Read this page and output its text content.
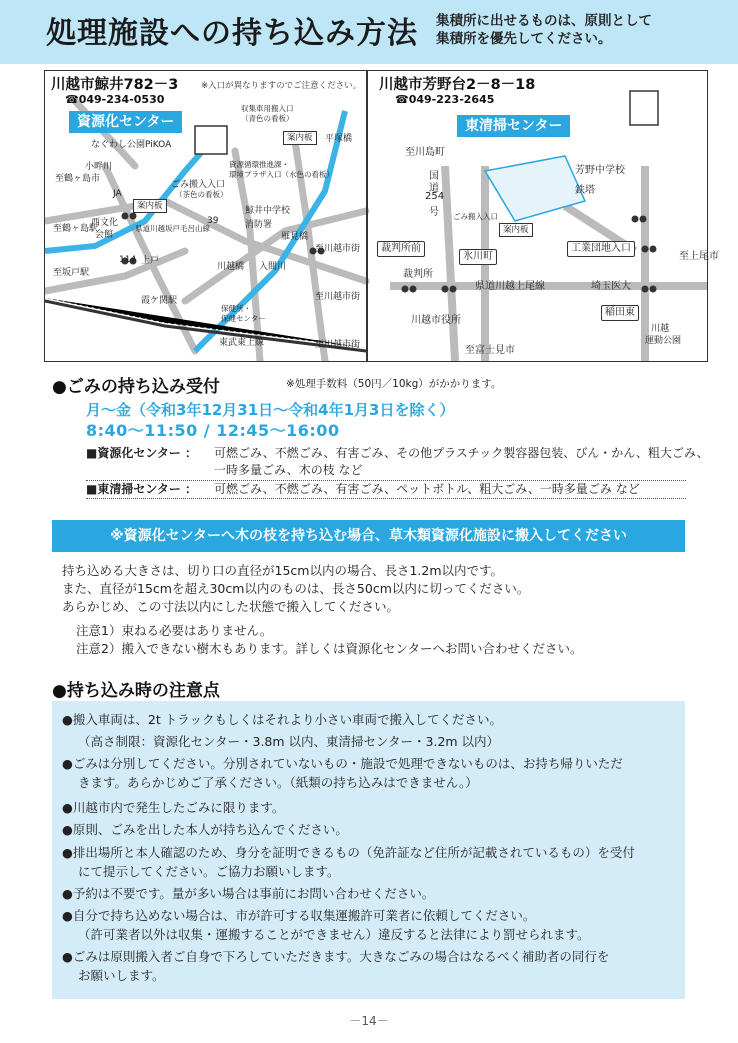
処理施設への持ち込み方法 集積所に出せるものは、原則として
集積所を優先してください。
川越市鯨井782－3
☎049-234-0530
※入口が異なりますのでご注意ください。
資源化センター
収集車用搬入口
（青色の看板）
案内板	平塚橋
なぐわし公園PiKOA
小畔川	資源循環推進課・
環境プラザ入口（水色の看板）
ごみ搬入入口
（茶色の看板）
案内板
JA
至鶴ヶ島市
西文化
会館
県道川越坂戸毛呂山線
39
鯨井中学校
消防署
上戸
114
至鶴ヶ島駅
至坂戸駅
霞ケ関駅
川越橋 入間川
雁見橋
保健所・
保健センター
至川越市街
至川越市街
至川越市街
東武東上線
川越市芳野台2－8－18
☎049-223-2645
東清掃センター
至川島町
国
道
254
号
芳野中学校
鉄塔
ごみ搬入入口
案内板
裁判所前
氷川町
裁判所
工業団地入口
県道川越上尾線	埼玉医大
至上尾市
川越市役所
稲田東
至富士見市
川越
運動公園
●ごみの持ち込み受付	※処理手数料（50円／10kg）がかかります。
月～金（令和3年12月31日～令和4年1月3日を除く）
8:40～11:50 / 12:45～16:00
■資源化センター ： 可燃ごみ、不燃ごみ、有害ごみ、その他プラスチック製容器包装、びん・かん、粗大ごみ、
一時多量ごみ、木の枝 など
■東清掃センター ： 可燃ごみ、不燃ごみ、有害ごみ、ペットボトル、粗大ごみ、一時多量ごみ など
※資源化センターへ木の枝を持ち込む場合、草木類資源化施設に搬入してください
持ち込める大きさは、切り口の直径が15cm以内の場合、長さ1.2m以内です。
また、直径が15cmを超え30cm以内のものは、長さ50cm以内に切ってください。
あらかじめ、この寸法以内にした状態で搬入してください。
注意1）束ねる必要はありません。
注意2）搬入できない樹木もあります。詳しくは資源化センターへお問い合わせください。
●持ち込み時の注意点
●搬入車両は、2t トラックもしくはそれより小さい車両で搬入してください。
（高さ制限：資源化センター・3.8m 以内、東清掃センター・3.2m 以内）
●ごみは分別してください。分別されていないもの・施設で処理できないものは、お持ち帰りいただ
きます。あらかじめご了承ください。（紙類の持ち込みはできません。）
●川越市内で発生したごみに限ります。
●原則、ごみを出した本人が持ち込んでください。
●排出場所と本人確認のため、身分を証明できるもの（免許証など住所が記載されているもの）を受付
にて提示してください。ご協力お願いします。
●予約は不要です。量が多い場合は事前にお問い合わせください。
●自分で持ち込めない場合は、市が許可する収集運搬許可業者に依頼してください。
（許可業者以外は収集・運搬することができません）違反すると法律により罰せられます。
●ごみは原則搬入者ご自身で下ろしていただきます。大きなごみの場合はなるべく補助者の同行を
お願いします。
－14－
